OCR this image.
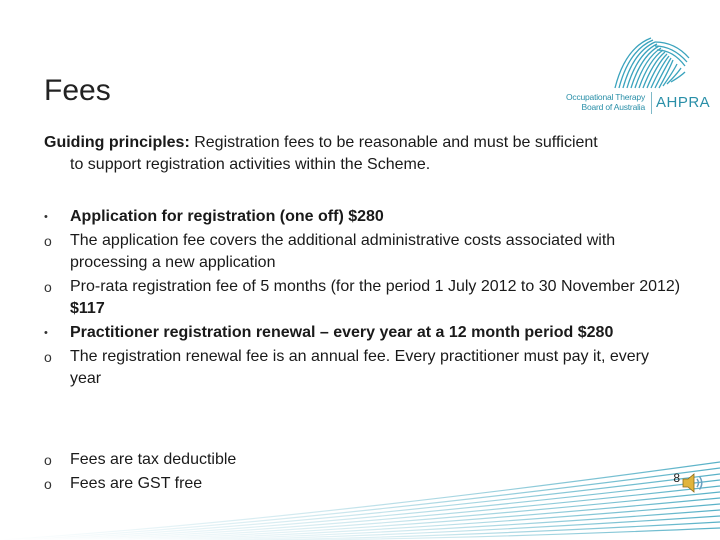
Fees	Occupational Therapy
Board of Australia AHPRA
Guiding principles: Registration fees to be reasonable and must be sufficient
to support registration activities within the Scheme.
•	Application for registration (one off) $280
o	The application fee covers the additional administrative costs associated with processing a new application
o	Pro-rata registration fee of 5 months (for the period 1 July 2012 to 30 November 2012) $117
•	Practitioner registration renewal – every year at a 12 month period $280
o	The registration renewal fee is an annual fee. Every practitioner must pay it, every year
o	Fees are tax deductible
o	Fees are GST free	8
